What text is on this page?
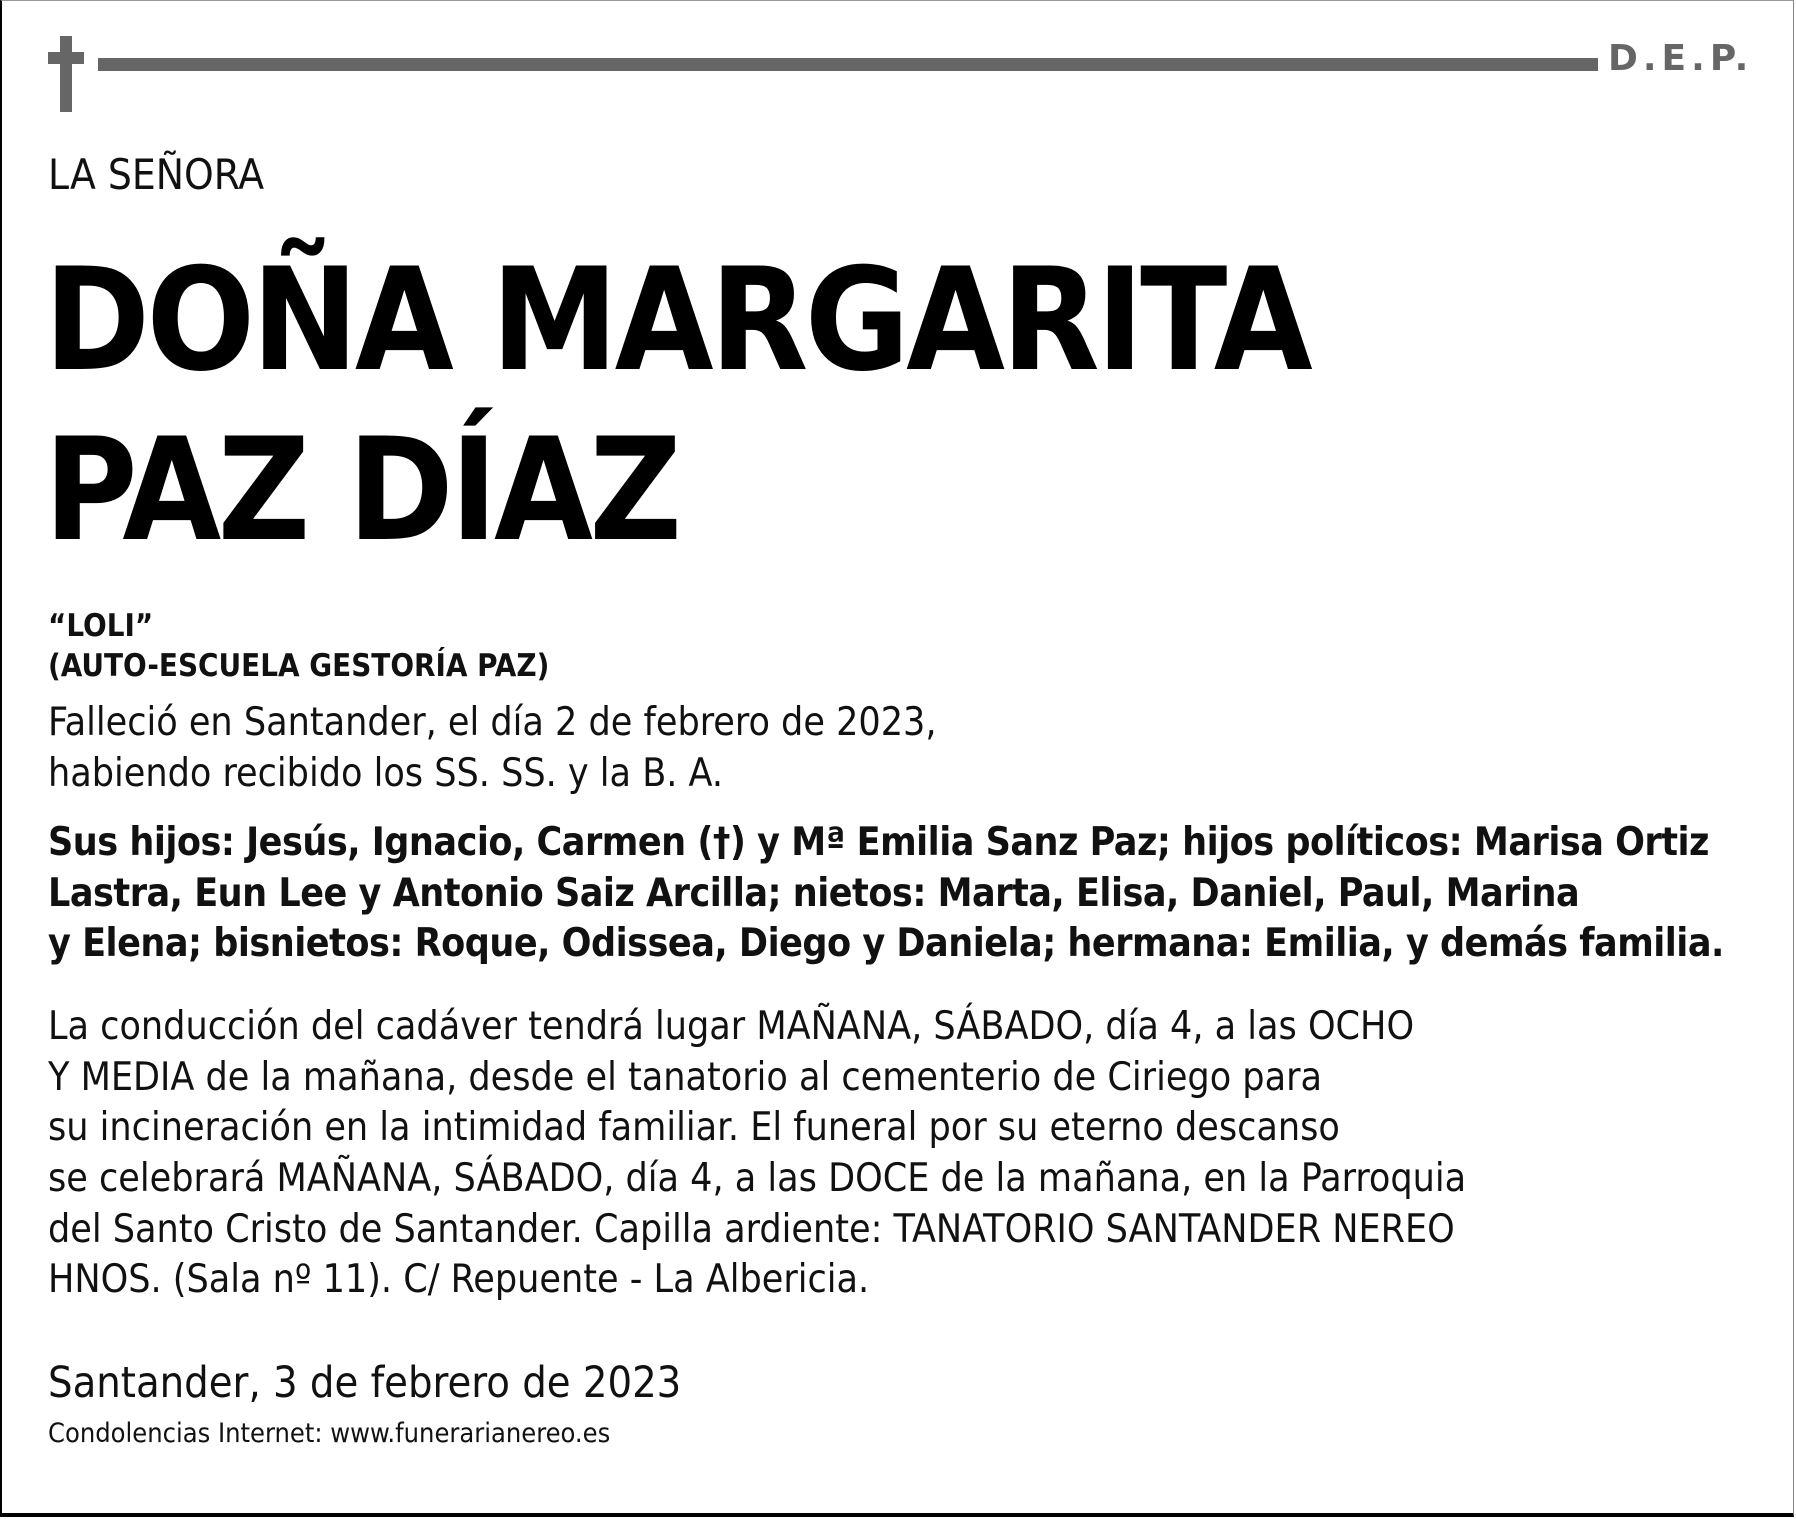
D.E.P.
LA SEÑORA
DOÑA MARGARITA
PAZ DÍAZ
“LOLI”
(AUTO-ESCUELA GESTORÍA PAZ)
Falleció en Santander, el día 2 de febrero de 2023,
habiendo recibido los SS. SS. y la B. A.
Sus hijos: Jesús, Ignacio, Carmen (†) y Mª Emilia Sanz Paz; hijos políticos: Marisa Ortiz
Lastra, Eun Lee y Antonio Saiz Arcilla; nietos: Marta, Elisa, Daniel, Paul, Marina
y Elena; bisnietos: Roque, Odissea, Diego y Daniela; hermana: Emilia, y demás familia.
La conducción del cadáver tendrá lugar MAÑANA, SÁBADO, día 4, a las OCHO
Y MEDIA de la mañana, desde el tanatorio al cementerio de Ciriego para
su incineración en la intimidad familiar. El funeral por su eterno descanso
se celebrará MAÑANA, SÁBADO, día 4, a las DOCE de la mañana, en la Parroquia
del Santo Cristo de Santander. Capilla ardiente: TANATORIO SANTANDER NEREO
HNOS. (Sala nº 11). C/ Repuente - La Albericia.
Santander, 3 de febrero de 2023
Condolencias Internet: www.funerarianereo.es
